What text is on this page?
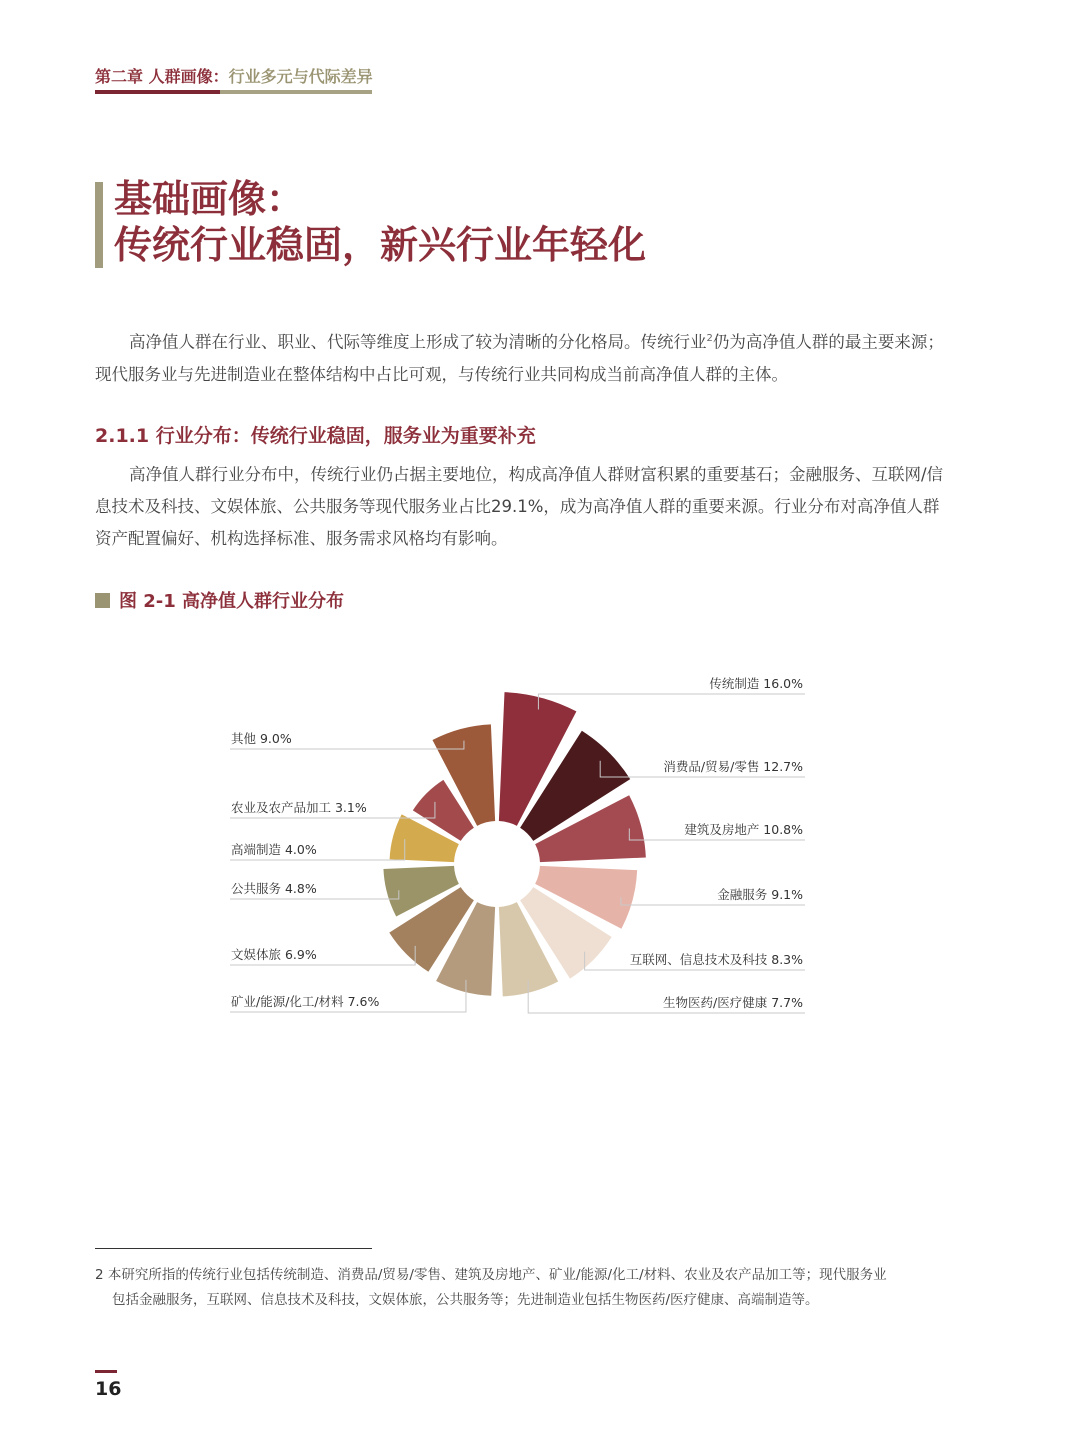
第二章 人群画像：行业多元与代际差异
基础画像：
传统行业稳固，新兴行业年轻化
高净值人群在行业、职业、代际等维度上形成了较为清晰的分化格局。传统行业$^2$仍为高净值人群的最主要来源；现代服务业与先进制造业在整体结构中占比可观，与传统行业共同构成当前高净值人群的主体。
2.1.1 行业分布：传统行业稳固，服务业为重要补充
高净值人群行业分布中，传统行业仍占据主要地位，构成高净值人群财富积累的重要基石；金融服务、互联网/信息技术及科技、文娱体旅、公共服务等现代服务业占比29.1%，成为高净值人群的重要来源。行业分布对高净值人群资产配置偏好、机构选择标准、服务需求风格均有影响。
图 2-1 高净值人群行业分布
传统制造 16.0%
消费品/贸易/零售 12.7%
建筑及房地产 10.8%
金融服务 9.1%
互联网、信息技术及科技 8.3%
生物医药/医疗健康 7.7%
矿业/能源/化工/材料 7.6%
文娱体旅 6.9%
公共服务 4.8%
高端制造 4.0%
农业及农产品加工 3.1%
其他 9.0%
2 本研究所指的传统行业包括传统制造、消费品/贸易/零售、建筑及房地产、矿业/能源/化工/材料、农业及农产品加工等；现代服务业
包括金融服务，互联网、信息技术及科技，文娱体旅，公共服务等；先进制造业包括生物医药/医疗健康、高端制造等。
16
